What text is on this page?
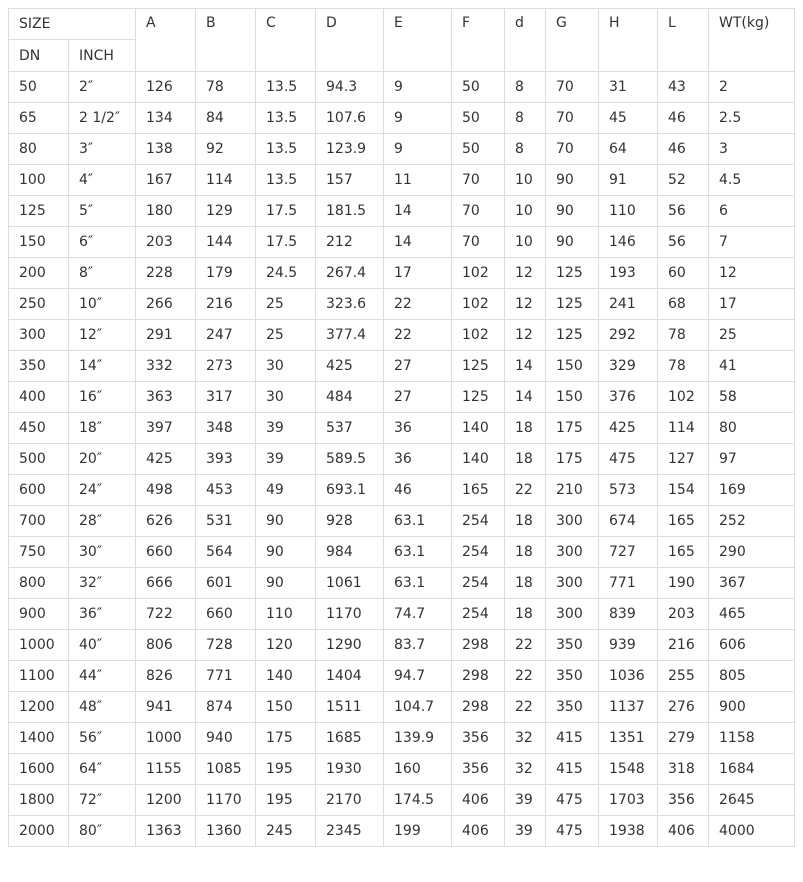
SIZE		A	B	C	D	E	F	d	G	H	L	WT(kg)
DN	INCH											
50	2″	126	78	13.5	94.3	9	50	8	70	31	43	2
65	2 1/2″	134	84	13.5	107.6	9	50	8	70	45	46	2.5
80	3″	138	92	13.5	123.9	9	50	8	70	64	46	3
100	4″	167	114	13.5	157	11	70	10	90	91	52	4.5
125	5″	180	129	17.5	181.5	14	70	10	90	110	56	6
150	6″	203	144	17.5	212	14	70	10	90	146	56	7
200	8″	228	179	24.5	267.4	17	102	12	125	193	60	12
250	10″	266	216	25	323.6	22	102	12	125	241	68	17
300	12″	291	247	25	377.4	22	102	12	125	292	78	25
350	14″	332	273	30	425	27	125	14	150	329	78	41
400	16″	363	317	30	484	27	125	14	150	376	102	58
450	18″	397	348	39	537	36	140	18	175	425	114	80
500	20″	425	393	39	589.5	36	140	18	175	475	127	97
600	24″	498	453	49	693.1	46	165	22	210	573	154	169
700	28″	626	531	90	928	63.1	254	18	300	674	165	252
750	30″	660	564	90	984	63.1	254	18	300	727	165	290
800	32″	666	601	90	1061	63.1	254	18	300	771	190	367
900	36″	722	660	110	1170	74.7	254	18	300	839	203	465
1000	40″	806	728	120	1290	83.7	298	22	350	939	216	606
1100	44″	826	771	140	1404	94.7	298	22	350	1036	255	805
1200	48″	941	874	150	1511	104.7	298	22	350	1137	276	900
1400	56″	1000	940	175	1685	139.9	356	32	415	1351	279	1158
1600	64″	1155	1085	195	1930	160	356	32	415	1548	318	1684
1800	72″	1200	1170	195	2170	174.5	406	39	475	1703	356	2645
2000	80″	1363	1360	245	2345	199	406	39	475	1938	406	4000
